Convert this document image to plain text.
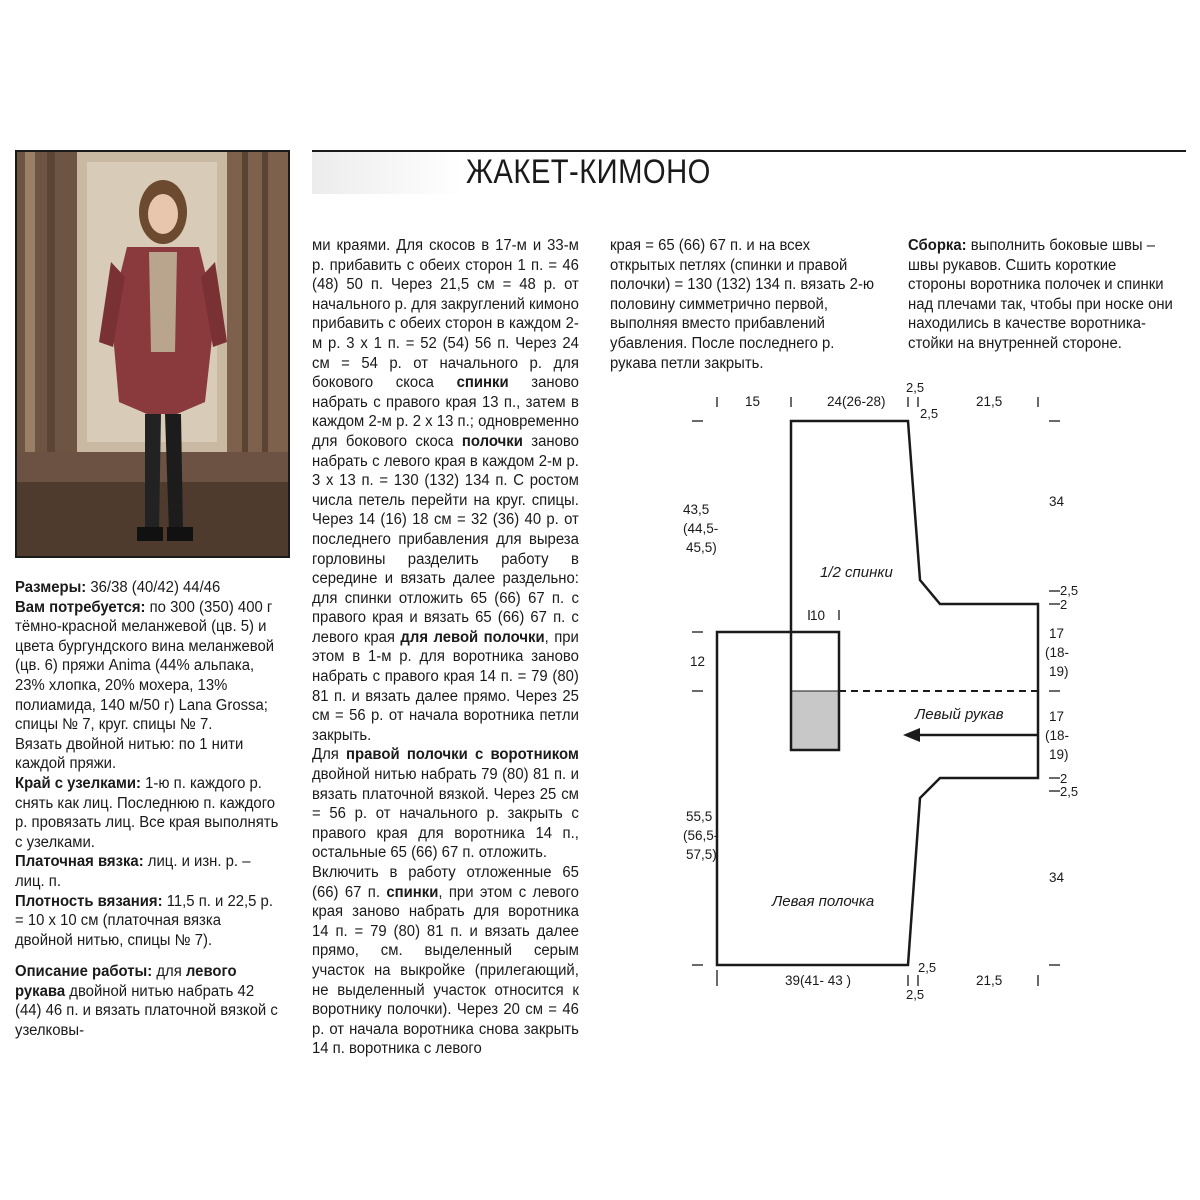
ЖАКЕТ-КИМОНО

Размеры: 36/38 (40/42) 44/46

Вам потребуется: по 300 (350) 400 г тёмно-красной меланжевой (цв. 5) и цвета бургундского вина меланжевой (цв. 6) пряжи Anima (44% альпака, 23% хлопка, 20% мохера, 13% полиамида, 140 м/50 г) Lana Grossa; спицы № 7, круг. спицы № 7.

Вязать двойной нитью: по 1 нити каждой пряжи.

Край с узелками: 1-ю п. каждого р. снять как лиц. Последнюю п. каждого р. провязать лиц. Все края выполнять с узелками.

Платочная вязка: лиц. и изн. р. – лиц. п.

Плотность вязания: 11,5 п. и 22,5 р. = 10 х 10 см (платочная вязка двойной нитью, спицы № 7).

Описание работы: для левого рукава двойной нитью набрать 42 (44) 46 п. и вязать платочной вязкой с узелковы-

ми краями. Для скосов в 17-м и 33-м р. прибавить с обеих сторон 1 п. = 46 (48) 50 п. Через 21,5 см = 48 р. от начального р. для закруглений кимоно прибавить с обеих сторон в каждом 2-м р. 3 х 1 п. = 52 (54) 56 п. Через 24 см = 54 р. от начального р. для бокового скоса спинки заново набрать с правого края 13 п., затем в каждом 2-м р. 2 х 13 п.; одновременно для бокового скоса полочки заново набрать с левого края в каждом 2-м р. 3 х 13 п. = 130 (132) 134 п. С ростом числа петель перейти на круг. спицы. Через 14 (16) 18 см = 32 (36) 40 р. от последнего прибавления для выреза горловины разделить работу в середине и вязать далее раздельно: для спинки отложить 65 (66) 67 п. с правого края и вязать 65 (66) 67 п. с левого края для левой полочки, при этом в 1-м р. для воротника заново набрать с правого края 14 п. = 79 (80) 81 п. и вязать далее прямо. Через 25 см = 56 р. от начала воротника петли закрыть.

Для правой полочки с воротником двойной нитью набрать 79 (80) 81 п. и вязать платочной вязкой. Через 25 см = 56 р. от начального р. закрыть с правого края для воротника 14 п., остальные 65 (66) 67 п. отложить.

Включить в работу отложенные 65 (66) 67 п. спинки, при этом с левого края заново набрать для воротника 14 п. = 79 (80) 81 п. и вязать далее прямо, см. выделенный серым участок на выкройке (прилегающий, не выделенный участок относится к воротнику полочки). Через 20 см = 46 р. от начала воротника снова закрыть 14 п. воротника с левого

края = 65 (66) 67 п. и на всех открытых петлях (спинки и правой полочки) = 130 (132) 134 п. вязать 2-ю половину симметрично первой, выполняя вместо прибавлений убавления. После последнего р. рукава петли закрыть.

Сборка: выполнить боковые швы – швы рукавов. Сшить короткие стороны воротника полочек и спинки над плечами так, чтобы при носке они находились в качестве воротника-стойки на внутренней стороне.

15	24(26-28)
2,5
2,5
21,5
43,5
(44,5-
45,5)
1/2 спинки
34
2,5
2
10
12
17
(18-
19)
Левый рукав	17
(18-
19)
2
2,5
55,5
(56,5-
57,5)
34
Левая полочка
39(41- 43 )
2,5
2,5
21,5
